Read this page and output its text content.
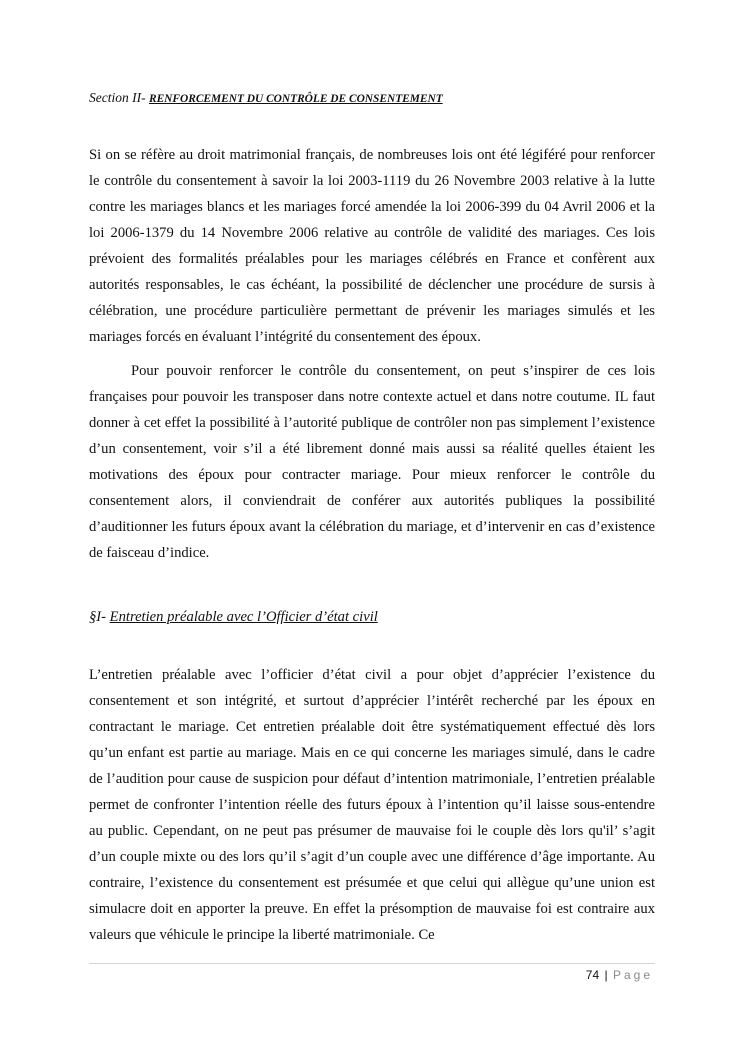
Section II- RENFORCEMENT DU CONTRÔLE DE CONSENTEMENT

Si on se réfère au droit matrimonial français, de nombreuses lois ont été légiféré pour renforcer le contrôle du consentement à savoir la loi 2003-1119 du 26 Novembre 2003 relative à la lutte contre les mariages blancs et les mariages forcé amendée la loi 2006-399 du 04 Avril 2006 et la loi 2006-1379 du 14 Novembre 2006 relative au contrôle de validité des mariages. Ces lois prévoient des formalités préalables pour les mariages célébrés en France et confèrent aux autorités responsables, le cas échéant, la possibilité de déclencher une procédure de sursis à célébration, une procédure particulière permettant de prévenir les mariages simulés et les mariages forcés en évaluant l’intégrité du consentement des époux.

Pour pouvoir renforcer le contrôle du consentement, on peut s’inspirer de ces lois françaises pour pouvoir les transposer dans notre contexte actuel et dans notre coutume. IL faut donner à cet effet la possibilité à l’autorité publique de contrôler non pas simplement l’existence d’un consentement, voir s’il a été librement donné mais aussi sa réalité quelles étaient les motivations des époux pour contracter mariage. Pour mieux renforcer le contrôle du consentement alors, il conviendrait de conférer aux autorités publiques la possibilité d’auditionner les futurs époux avant la célébration du mariage, et d’intervenir en cas d’existence de faisceau d’indice.

§I- Entretien préalable avec l’Officier d’état civil

L’entretien préalable avec l’officier d’état civil a pour objet d’apprécier l’existence du consentement et son intégrité, et surtout d’apprécier l’intérêt recherché par les époux en contractant le mariage. Cet entretien préalable doit être systématiquement effectué dès lors qu’un enfant est partie au mariage. Mais en ce qui concerne les mariages simulé, dans le cadre de l’audition pour cause de suspicion pour défaut d’intention matrimoniale, l’entretien préalable permet de confronter l’intention réelle des futurs époux à l’intention qu’il laisse sous-entendre au public. Cependant, on ne peut pas présumer de mauvaise foi le couple dès lors qu'il’ s’agit d’un couple mixte ou des lors qu’il s’agit d’un couple avec une différence d’âge importante. Au contraire, l’existence du consentement est présumée et que celui qui allègue qu’une union est simulacre doit en apporter la preuve. En effet la présomption de mauvaise foi est contraire aux valeurs que véhicule le principe la liberté matrimoniale. Ce

74 | Page
